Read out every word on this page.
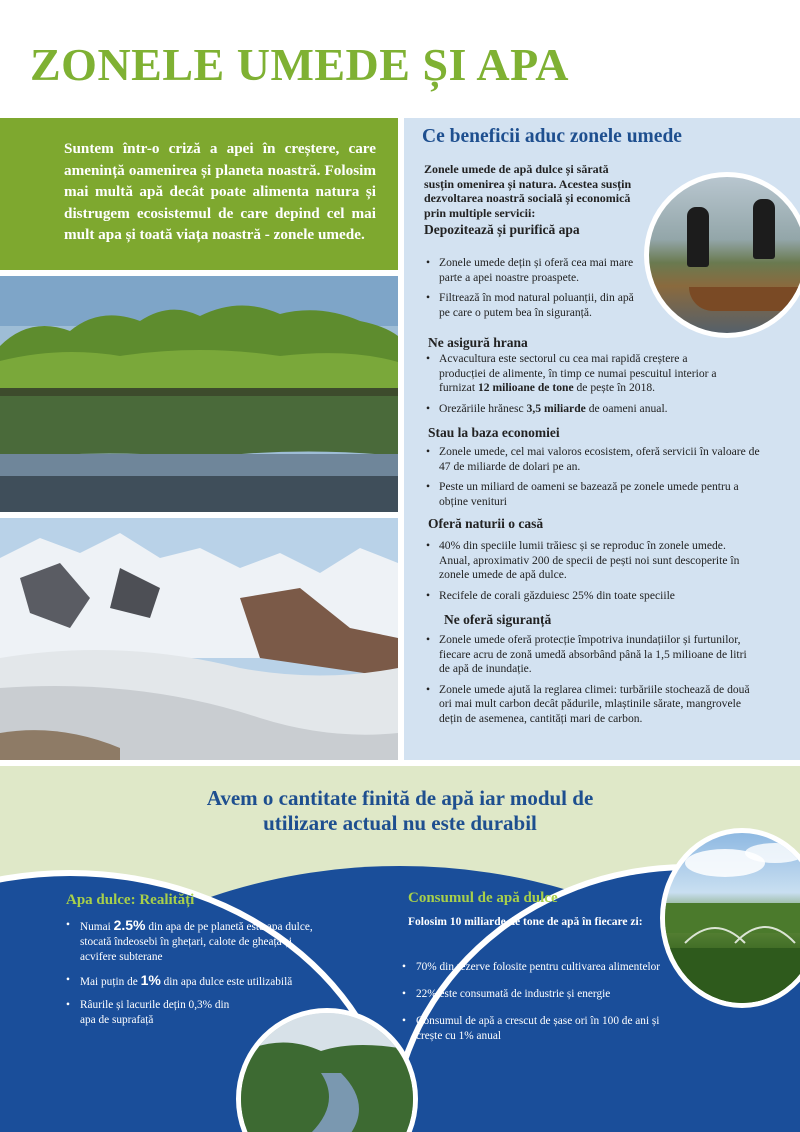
ZONELE UMEDE ȘI APA

Suntem într-o criză a apei în creștere, care amenință oamenirea și planeta noastră. Folosim mai multă apă decât poate alimenta natura și distrugem ecosistemul de care depind cel mai mult apa și toată viața noastră - zonele umede.

Ce beneficii aduc zonele umede

Zonele umede de apă dulce și sărată susțin omenirea și natura. Acestea susțin dezvoltarea noastră socială și economică prin multiple servicii:

Depozitează și purifică apa
• Zonele umede dețin și oferă cea mai mare parte a apei noastre proaspete.
• Filtrează în mod natural poluanții, din apă pe care o putem bea în siguranță.
Ne asigură hrana
• Acvacultura este sectorul cu cea mai rapidă creștere a producției de alimente, în timp ce numai pescuitul interior a furnizat 12 milioane de tone de pește în 2018.
• Orezăriile hrănesc 3,5 miliarde de oameni anual.
Stau la baza economiei
• Zonele umede, cel mai valoros ecosistem, oferă servicii în valoare de 47 de miliarde de dolari pe an.
• Peste un miliard de oameni se bazează pe zonele umede pentru a obține venituri
Oferă naturii o casă
• 40% din speciile lumii trăiesc și se reproduc în zonele umede. Anual, aproximativ 200 de specii de pești noi sunt descoperite în zonele umede de apă dulce.
• Recifele de corali găzduiesc 25% din toate speciile
Ne oferă siguranță
• Zonele umede oferă protecție împotriva inundațiilor și furtunilor, fiecare acru de zonă umedă absorbând până la 1,5 milioane de litri de apă de inundație.
• Zonele umede ajută la reglarea climei: turbăriile stochează de două ori mai mult carbon decât pădurile, mlaștinile sărate, mangrovele dețin de asemenea, cantități mari de carbon.
Avem o cantitate finită de apă iar modul de
utilizare actual nu este durabil
Apa dulce: Realități
• Numai 2.5% din apa de pe planetă este apa dulce, stocată îndeosebi în ghețari, calote de gheață și acvifere subterane
• Mai puțin de 1% din apa dulce este utilizabilă
• Râurile și lacurile dețin 0,3% din apa de suprafață
Consumul de apă dulce
Folosim 10 miliarde de tone de apă în fiecare zi:
• 70% din rezerve folosite pentru cultivarea alimentelor
• 22% este consumată de industrie și energie
• Consumul de apă a crescut de șase ori în 100 de ani și crește cu 1% anual
